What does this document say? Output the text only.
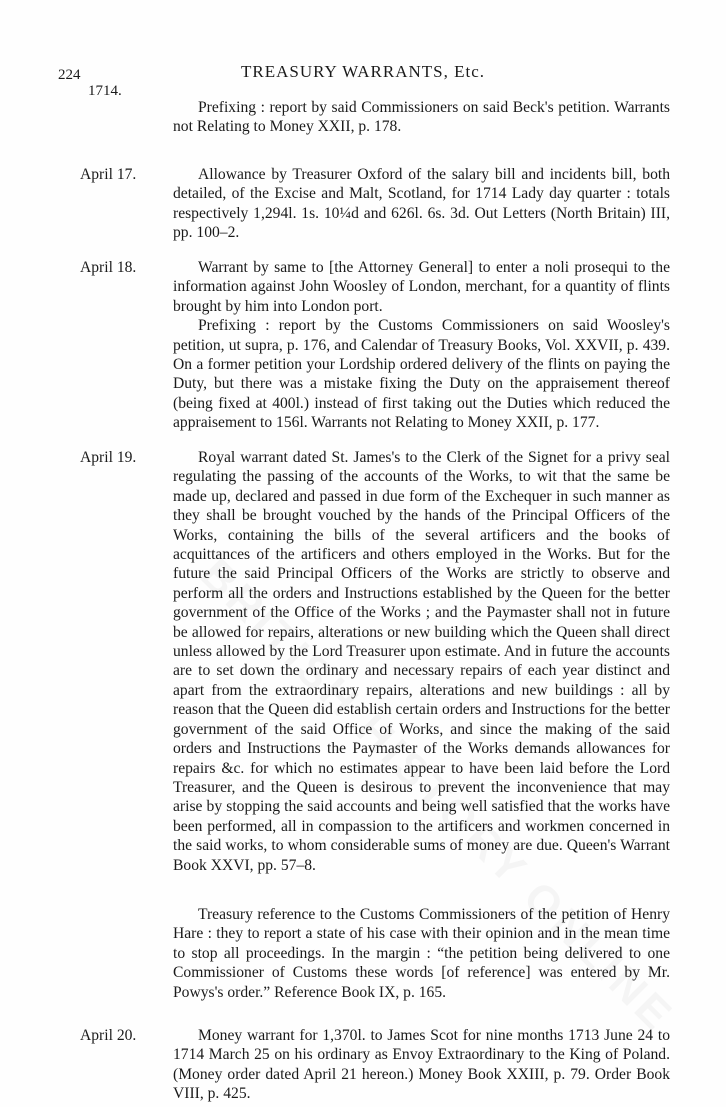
224	TREASURY WARRANTS, Etc.
1714.

Prefixing : report by said Commissioners on said Beck's petition. Warrants not Relating to Money XXII, p. 178.

April 17.	Allowance by Treasurer Oxford of the salary bill and incidents bill, both detailed, of the Excise and Malt, Scotland, for 1714 Lady day quarter : totals respectively 1,294l. 1s. 10¼d and 626l. 6s. 3d. Out Letters (North Britain) III, pp. 100–2.

April 18.	Warrant by same to [the Attorney General] to enter a noli prosequi to the information against John Woosley of London, merchant, for a quantity of flints brought by him into London port.

Prefixing : report by the Customs Commissioners on said Woosley's petition, ut supra, p. 176, and Calendar of Treasury Books, Vol. XXVII, p. 439. On a former petition your Lordship ordered delivery of the flints on paying the Duty, but there was a mistake fixing the Duty on the appraisement thereof (being fixed at 400l.) instead of first taking out the Duties which reduced the appraisement to 156l. Warrants not Relating to Money XXII, p. 177.

April 19.	Royal warrant dated St. James's to the Clerk of the Signet for a privy seal regulating the passing of the accounts of the Works, to wit that the same be made up, declared and passed in due form of the Exchequer in such manner as they shall be brought vouched by the hands of the Principal Officers of the Works, containing the bills of the several artificers and the books of acquittances of the artificers and others employed in the Works. But for the future the said Principal Officers of the Works are strictly to observe and perform all the orders and Instructions established by the Queen for the better government of the Office of the Works ; and the Paymaster shall not in future be allowed for repairs, alterations or new building which the Queen shall direct unless allowed by the Lord Treasurer upon estimate. And in future the accounts are to set down the ordinary and necessary repairs of each year distinct and apart from the extraordinary repairs, alterations and new buildings : all by reason that the Queen did establish certain orders and Instructions for the better government of the said Office of Works, and since the making of the said orders and Instructions the Paymaster of the Works demands allowances for repairs &c. for which no estimates appear to have been laid before the Lord Treasurer, and the Queen is desirous to prevent the inconvenience that may arise by stopping the said accounts and being well satisfied that the works have been performed, all in compassion to the artificers and workmen concerned in the said works, to whom considerable sums of money are due. Queen's Warrant Book XXVI, pp. 57–8.

Treasury reference to the Customs Commissioners of the petition of Henry Hare : they to report a state of his case with their opinion and in the mean time to stop all proceedings. In the margin : “the petition being delivered to one Commissioner of Customs these words [of reference] was entered by Mr. Powys's order.” Reference Book IX, p. 165.

April 20.	Money warrant for 1,370l. to James Scot for nine months 1713 June 24 to 1714 March 25 on his ordinary as Envoy Extraordinary to the King of Poland. (Money order dated April 21 hereon.) Money Book XXIII, p. 79. Order Book VIII, p. 425.
